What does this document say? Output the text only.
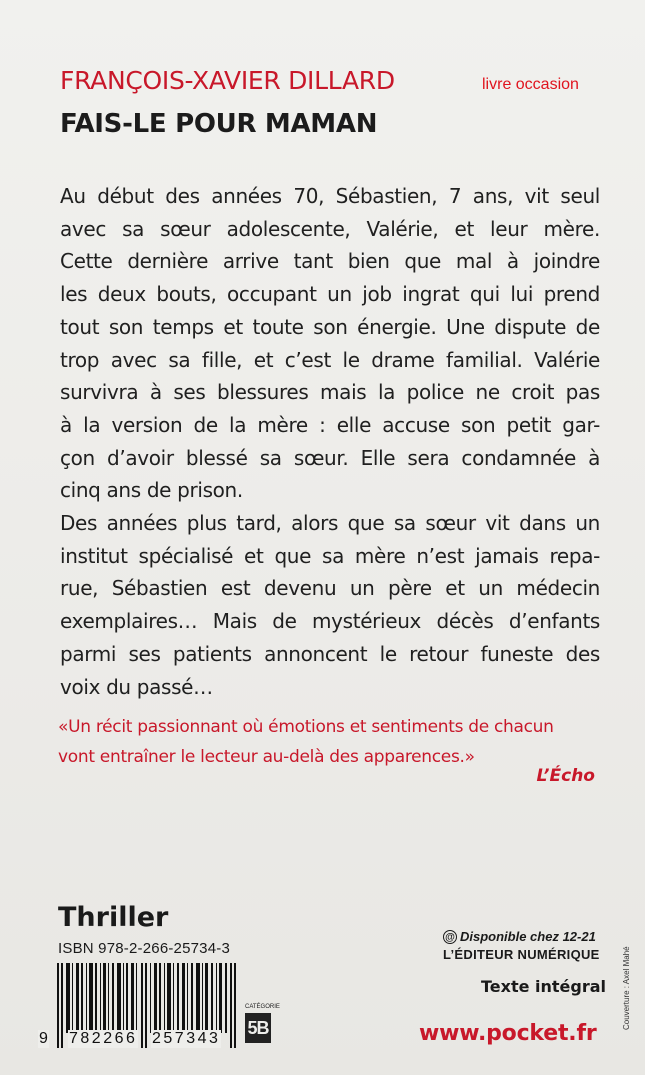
FRANÇOIS-XAVIER DILLARD	livre occasion
FAIS-LE POUR MAMAN
Au début des années 70, Sébastien, 7 ans, vit seul
avec sa sœur adolescente, Valérie, et leur mère.
Cette dernière arrive tant bien que mal à joindre
les deux bouts, occupant un job ingrat qui lui prend
tout son temps et toute son énergie. Une dispute de
trop avec sa fille, et c’est le drame familial. Valérie
survivra à ses blessures mais la police ne croit pas
à la version de la mère : elle accuse son petit gar-
çon d’avoir blessé sa sœur. Elle sera condamnée à
cinq ans de prison.
Des années plus tard, alors que sa sœur vit dans un
institut spécialisé et que sa mère n’est jamais repa-
rue, Sébastien est devenu un père et un médecin
exemplaires… Mais de mystérieux décès d’enfants
parmi ses patients annoncent le retour funeste des
voix du passé…
«Un récit passionnant où émotions et sentiments de chacun
vont entraîner le lecteur au-delà des apparences.»
L’Écho
Thriller
ISBN 978-2-266-25734-3
9 782266 257343
CATÉGORIE
5B
@ Disponible chez 12-21
L’ÉDITEUR NUMÉRIQUE
Texte intégral
www.pocket.fr
Couverture : Axel Mahé
